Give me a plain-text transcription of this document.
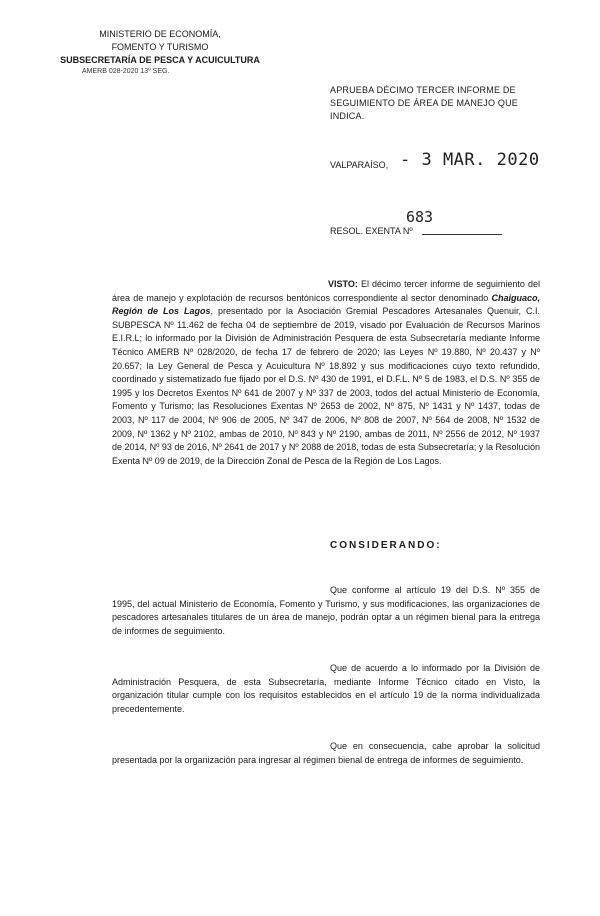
MINISTERIO DE ECONOMÍA,
FOMENTO Y TURISMO
SUBSECRETARÍA DE PESCA Y ACUICULTURA
AMERB 028-2020 13º SEG.
APRUEBA DÉCIMO TERCER INFORME DE
SEGUIMIENTO DE ÁREA DE MANEJO QUE INDICA.
VALPARAÍSO, - 3 MAR. 2020
683
RESOL. EXENTA Nº
VISTO: El décimo tercer informe de seguimiento del área de manejo y explotación de recursos bentónicos correspondiente al sector denominado Chaiguaco, Región de Los Lagos, presentado por la Asociación Gremial Pescadores Artesanales Quenuir, C.I. SUBPESCA Nº 11.462 de fecha 04 de septiembre de 2019, visado por Evaluación de Recursos Marinos E.I.R.L; lo informado por la División de Administración Pesquera de esta Subsecretaría mediante Informe Técnico AMERB Nº 028/2020, de fecha 17 de febrero de 2020; las Leyes Nº 19.880, Nº 20.437 y Nº 20.657; la Ley General de Pesca y Acuicultura Nº 18.892 y sus modificaciones cuyo texto refundido, coordinado y sistematizado fue fijado por el D.S. Nº 430 de 1991, el D.F.L. Nº 5 de 1983, el D.S. Nº 355 de 1995 y los Decretos Exentos Nº 641 de 2007 y Nº 337 de 2003, todos del actual Ministerio de Economía, Fomento y Turismo; las Resoluciones Exentas Nº 2653 de 2002, Nº 875, Nº 1431 y Nº 1437, todas de 2003, Nº 117 de 2004, Nº 906 de 2005, Nº 347 de 2006, Nº 808 de 2007, Nº 564 de 2008, Nº 1532 de 2009, Nº 1362 y Nº 2102, ambas de 2010, Nº 843 y Nº 2190, ambas de 2011, Nº 2556 de 2012, Nº 1937 de 2014, Nº 93 de 2016, Nº 2641 de 2017 y Nº 2088 de 2018, todas de esta Subsecretaría; y la Resolución Exenta Nº 09 de 2019, de la Dirección Zonal de Pesca de la Región de Los Lagos.
CONSIDERANDO:
Que conforme al artículo 19 del D.S. Nº 355 de 1995, del actual Ministerio de Economía, Fomento y Turismo, y sus modificaciones, las organizaciones de pescadores artesanales titulares de un área de manejo, podrán optar a un régimen bienal para la entrega de informes de seguimiento.
Que de acuerdo a lo informado por la División de Administración Pesquera, de esta Subsecretaría, mediante Informe Técnico citado en Visto, la organización titular cumple con los requisitos establecidos en el artículo 19 de la norma individualizada precedentemente.
Que en consecuencia, cabe aprobar la solicitud presentada por la organización para ingresar al régimen bienal de entrega de informes de seguimiento.
